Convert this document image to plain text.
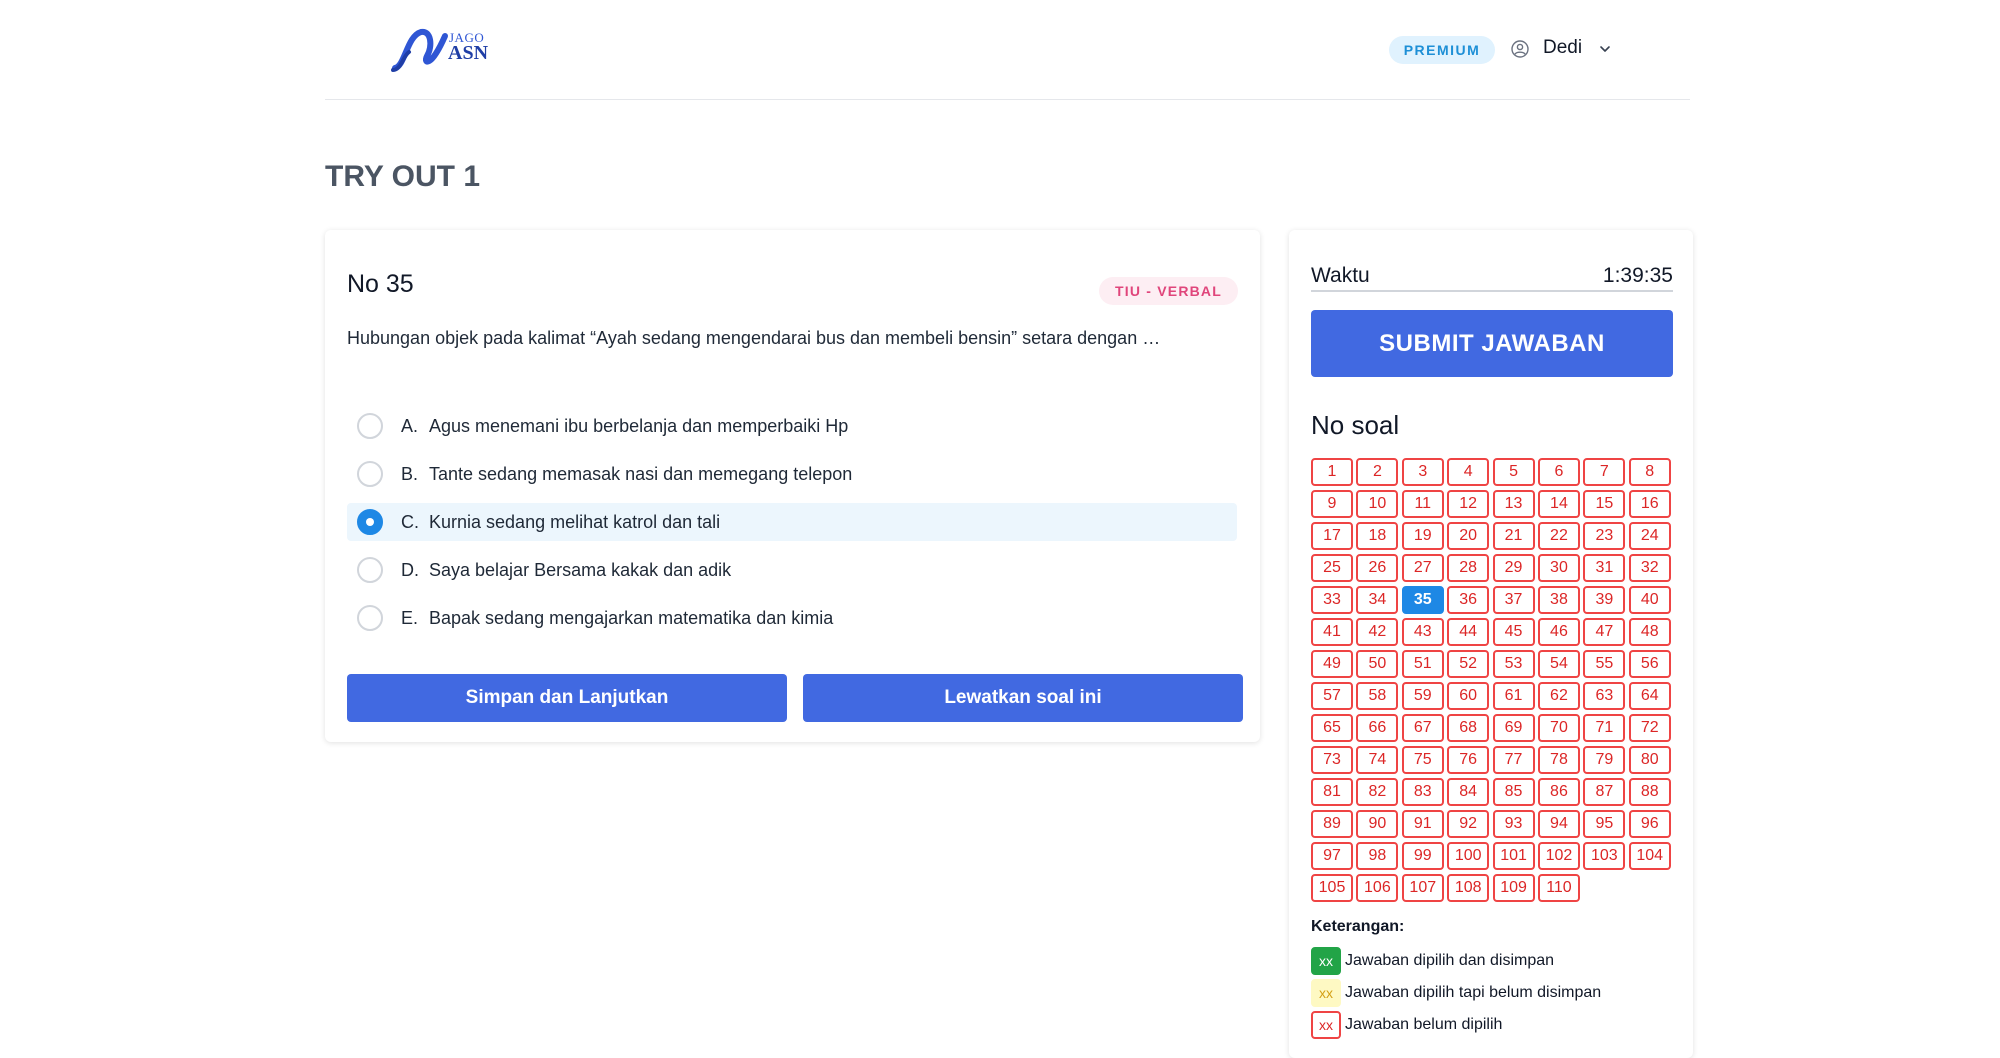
JAGO
ASN	PREMIUM	Dedi
TRY OUT 1
No 35	TIU - VERBAL
Hubungan objek pada kalimat “Ayah sedang mengendarai bus dan membeli bensin” setara dengan …
A. Agus menemani ibu berbelanja dan memperbaiki Hp
B. Tante sedang memasak nasi dan memegang telepon
C. Kurnia sedang melihat katrol dan tali
D. Saya belajar Bersama kakak dan adik
E. Bapak sedang mengajarkan matematika dan kimia
Simpan dan Lanjutkan	Lewatkan soal ini
Waktu	1:39:35
SUBMIT JAWABAN
No soal
1	2	3	4	5	6	7	8
9	10	11	12	13	14	15	16
17	18	19	20	21	22	23	24
25	26	27	28	29	30	31	32
33	34	35	36	37	38	39	40
41	42	43	44	45	46	47	48
49	50	51	52	53	54	55	56
57	58	59	60	61	62	63	64
65	66	67	68	69	70	71	72
73	74	75	76	77	78	79	80
81	82	83	84	85	86	87	88
89	90	91	92	93	94	95	96
97	98	99	100	101	102	103	104
105	106	107	108	109	110
Keterangan:
xx Jawaban dipilih dan disimpan
xx Jawaban dipilih tapi belum disimpan
xx Jawaban belum dipilih
